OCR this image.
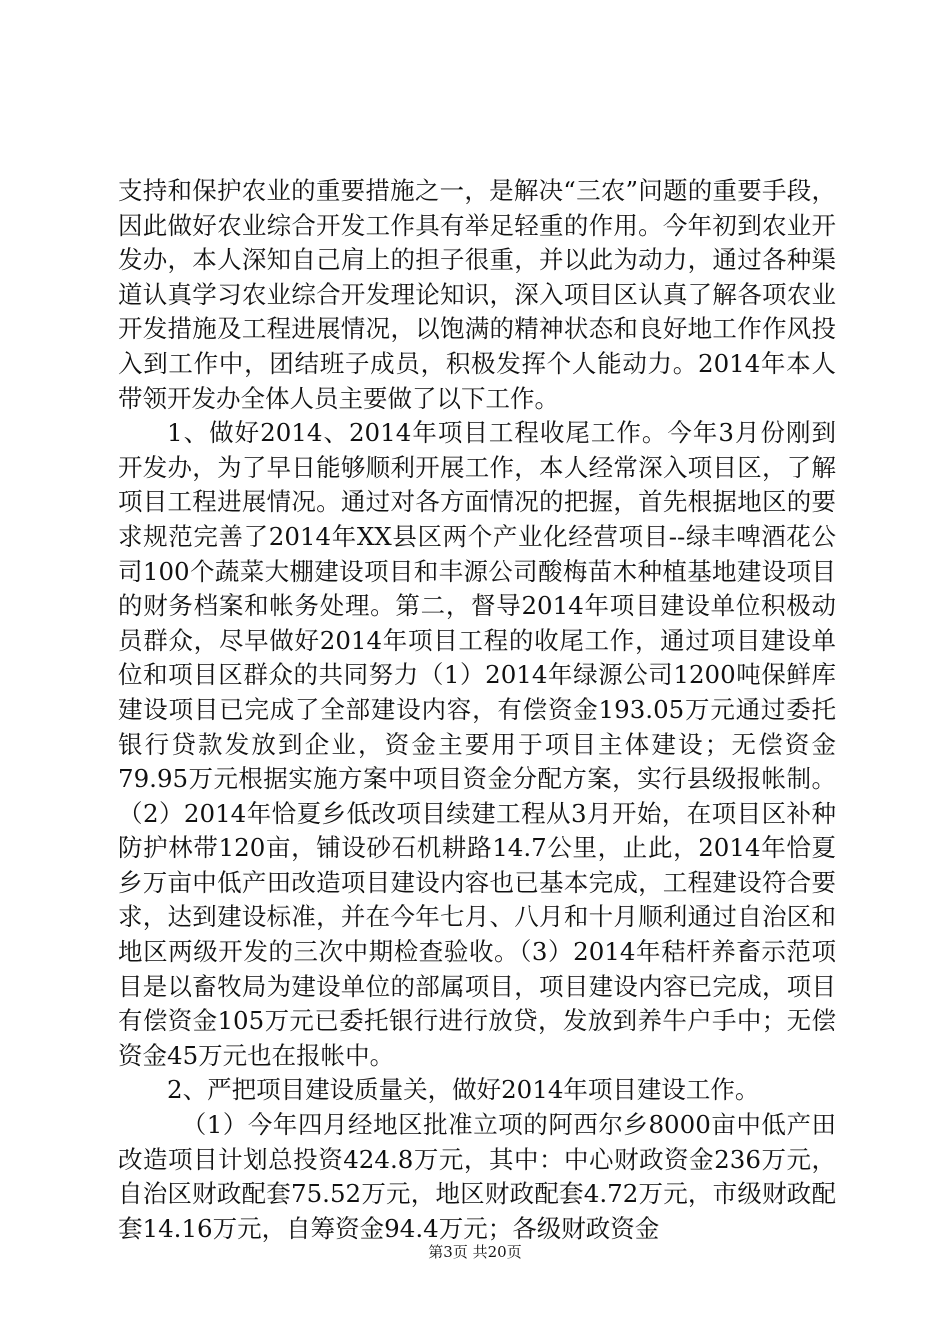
支持和保护农业的重要措施之一，是解决“三农”问题的重要手段，因此做好农业综合开发工作具有举足轻重的作用。今年初到农业开发办，本人深知自己肩上的担子很重，并以此为动力，通过各种渠道认真学习农业综合开发理论知识，深入项目区认真了解各项农业开发措施及工程进展情况，以饱满的精神状态和良好地工作作风投入到工作中，团结班子成员，积极发挥个人能动力。2014年本人带领开发办全体人员主要做了以下工作。

1、做好2014、2014年项目工程收尾工作。今年3月份刚到开发办，为了早日能够顺利开展工作，本人经常深入项目区，了解项目工程进展情况。通过对各方面情况的把握，首先根据地区的要求规范完善了2014年XX县区两个产业化经营项目--绿丰啤酒花公司100个蔬菜大棚建设项目和丰源公司酸梅苗木种植基地建设项目的财务档案和帐务处理。第二，督导2014年项目建设单位积极动员群众，尽早做好2014年项目工程的收尾工作，通过项目建设单位和项目区群众的共同努力（1）2014年绿源公司1200吨保鲜库建设项目已完成了全部建设内容，有偿资金193.05万元通过委托银行贷款发放到企业，资金主要用于项目主体建设；无偿资金79.95万元根据实施方案中项目资金分配方案，实行县级报帐制。（2）2014年恰夏乡低改项目续建工程从3月开始，在项目区补种防护林带120亩，铺设砂石机耕路14.7公里，止此，2014年恰夏乡万亩中低产田改造项目建设内容也已基本完成，工程建设符合要求，达到建设标准，并在今年七月、八月和十月顺利通过自治区和地区两级开发的三次中期检查验收。（3）2014年秸杆养畜示范项目是以畜牧局为建设单位的部属项目，项目建设内容已完成，项目有偿资金105万元已委托银行进行放贷，发放到养牛户手中；无偿资金45万元也在报帐中。

2、严把项目建设质量关，做好2014年项目建设工作。

（1）今年四月经地区批准立项的阿西尔乡8000亩中低产田改造项目计划总投资424.8万元，其中：中心财政资金236万元，自治区财政配套75.52万元，地区财政配套4.72万元，市级财政配套14.16万元，自筹资金94.4万元；各级财政资金

第3页 共20页
